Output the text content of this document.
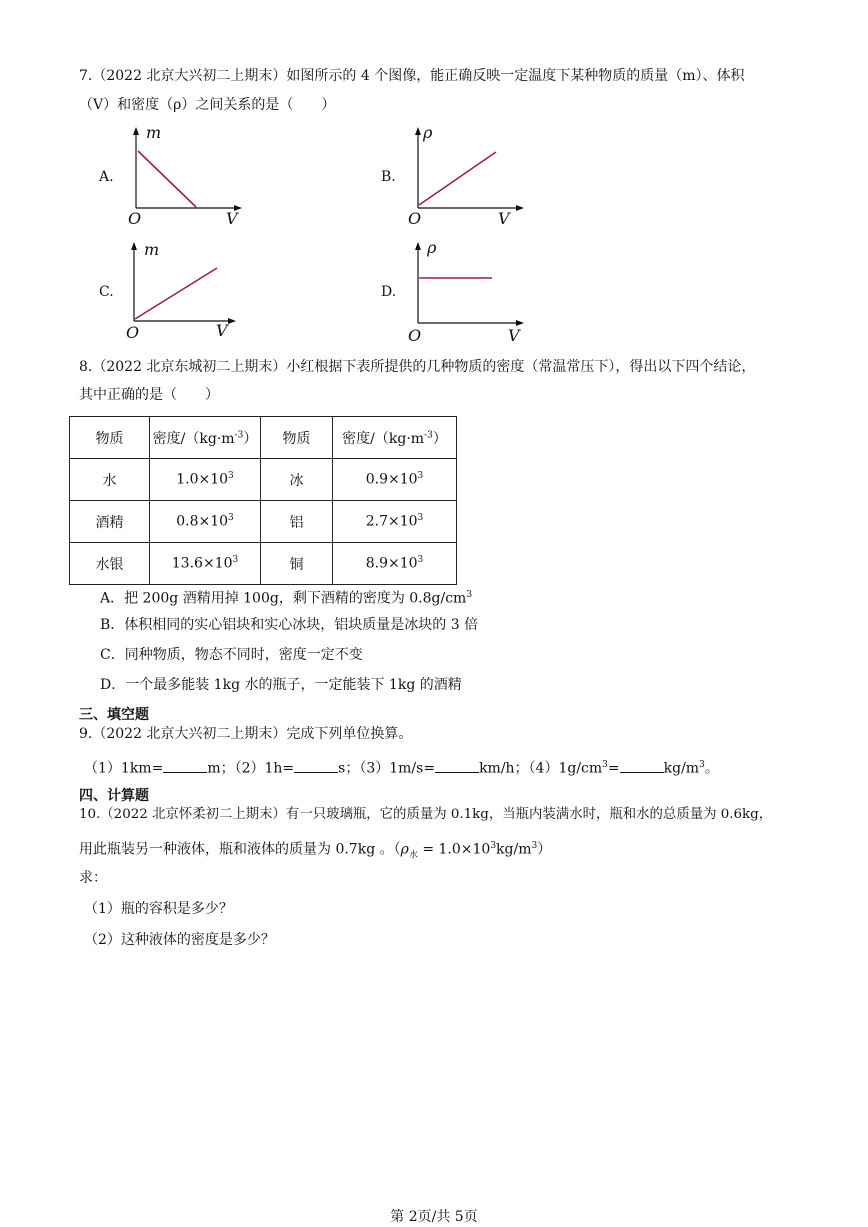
7.（2022 北京大兴初二上期末）如图所示的 4 个图像，能正确反映一定温度下某种物质的质量（m）、体积
（V）和密度（ρ）之间关系的是（　　）
A.
m
O	V
B.
ρ
O	V
C.
m
O	V
D.
ρ
O	V
8.（2022 北京东城初二上期末）小红根据下表所提供的几种物质的密度（常温常压下），得出以下四个结论，
其中正确的是（　　）
物质	密度$/(kg\cdot m^{-3})$	物质	密度$/(kg\cdot m^{-3})$
水	$1.0\times 10^3$	冰	$0.9\times 10^3$
酒精	$0.8\times 10^3$	铝	$2.7\times 10^3$
水银	$13.6\times 10^3$	铜	$8.9\times 10^3$
A．把 200g 酒精用掉 100g，剩下酒精的密度为 $0.8g/cm^3$
B．体积相同的实心铝块和实心冰块，铝块质量是冰块的 3 倍
C．同种物质，物态不同时，密度一定不变
D．一个最多能装 1kg 水的瓶子，一定能装下 1kg 的酒精
三、填空题
9.（2022 北京大兴初二上期末）完成下列单位换算。
（1）1km=	m；（2）1h=	s；（3）1m/s=	km/h；$(4)1g/cm^3=$	$kg/m^3$。
四、计算题
10.（2022 北京怀柔初二上期末）有一只玻璃瓶，它的质量为 0.1kg，当瓶内装满水时，瓶和水的总质量为 0.6kg，
用此瓶装另一种液体，瓶和液体的质量为 0.7kg 。$(\rho_水 = 1.0\times 10^3kg/m^3)$
求：
（1）瓶的容积是多少？
（2）这种液体的密度是多少？
第 2页/共 5页
